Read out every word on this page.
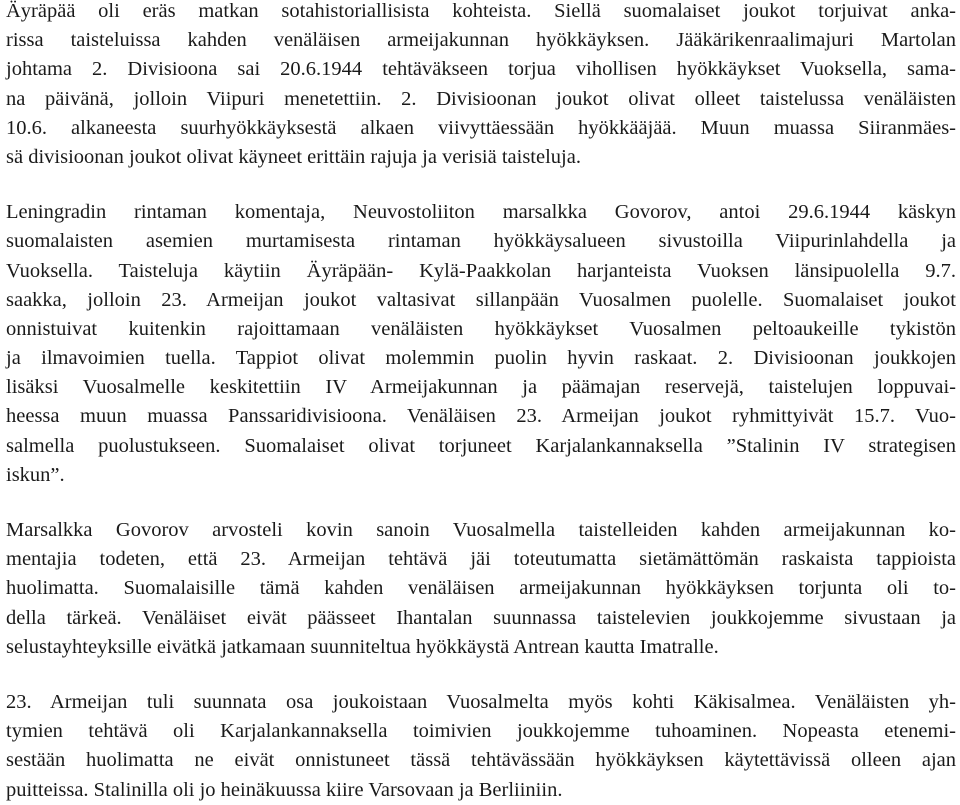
Äyräpää oli eräs matkan sotahistoriallisista kohteista. Siellä suomalaiset joukot torjuivat anka-
rissa taisteluissa kahden venäläisen armeijakunnan hyökkäyksen. Jääkärikenraalimajuri Martolan
johtama 2. Divisioona sai 20.6.1944 tehtäväkseen torjua vihollisen hyökkäykset Vuoksella, sama-
na päivänä, jolloin Viipuri menetettiin. 2. Divisioonan joukot olivat olleet taistelussa venäläisten
10.6. alkaneesta suurhyökkäyksestä alkaen viivyttäessään hyökkääjää. Muun muassa Siiranmäes-
sä divisioonan joukot olivat käyneet erittäin rajuja ja verisiä taisteluja.
Leningradin rintaman komentaja, Neuvostoliiton marsalkka Govorov, antoi 29.6.1944 käskyn
suomalaisten asemien murtamisesta rintaman hyökkäysalueen sivustoilla Viipurinlahdella ja
Vuoksella. Taisteluja käytiin Äyräpään- Kylä-Paakkolan harjanteista Vuoksen länsipuolella 9.7.
saakka, jolloin 23. Armeijan joukot valtasivat sillanpään Vuosalmen puolelle. Suomalaiset joukot
onnistuivat kuitenkin rajoittamaan venäläisten hyökkäykset Vuosalmen peltoaukeille tykistön
ja ilmavoimien tuella. Tappiot olivat molemmin puolin hyvin raskaat. 2. Divisioonan joukkojen
lisäksi Vuosalmelle keskitettiin IV Armeijakunnan ja päämajan reservejä, taistelujen loppuvai-
heessa muun muassa Panssaridivisioona. Venäläisen 23. Armeijan joukot ryhmittyivät 15.7. Vuo-
salmella puolustukseen. Suomalaiset olivat torjuneet Karjalankannaksella ”Stalinin IV strategisen
iskun”.
Marsalkka Govorov arvosteli kovin sanoin Vuosalmella taistelleiden kahden armeijakunnan ko-
mentajia todeten, että 23. Armeijan tehtävä jäi toteutumatta sietämättömän raskaista tappioista
huolimatta. Suomalaisille tämä kahden venäläisen armeijakunnan hyökkäyksen torjunta oli to-
della tärkeä. Venäläiset eivät päässeet Ihantalan suunnassa taistelevien joukkojemme sivustaan ja
selustayhteyksille eivätkä jatkamaan suunniteltua hyökkäystä Antrean kautta Imatralle.
23. Armeijan tuli suunnata osa joukoistaan Vuosalmelta myös kohti Käkisalmea. Venäläisten yh-
tymien tehtävä oli Karjalankannaksella toimivien joukkojemme tuhoaminen. Nopeasta etenemi-
sestään huolimatta ne eivät onnistuneet tässä tehtävässään hyökkäyksen käytettävissä olleen ajan
puitteissa. Stalinilla oli jo heinäkuussa kiire Varsovaan ja Berliiniin.
